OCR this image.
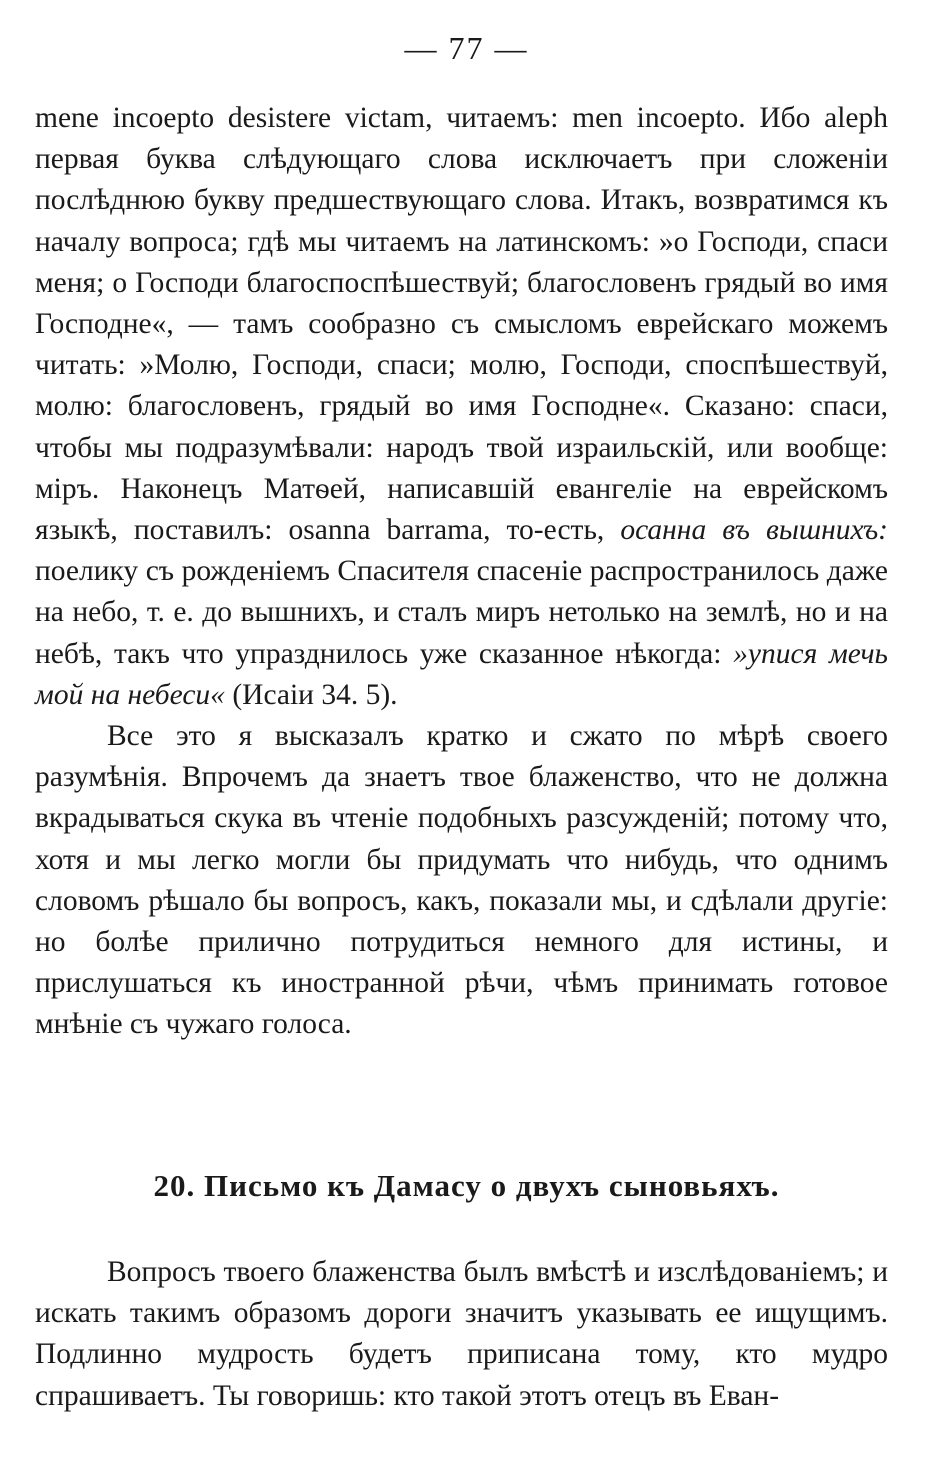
— 77 —

mene incoepto desistere victam, читаемъ: men incoepto. Ибо aleph первая буква слѣдующаго слова исключаетъ при сложеніи послѣднюю букву предшествующаго слова. Итакъ, возвратимся къ началу вопроса; гдѣ мы читаемъ на латинскомъ: »о Господи, спаси меня; о Господи благоспоспѣшествуй; благословенъ грядый во имя Господне«, — тамъ сообразно съ смысломъ еврейскаго можемъ читать: »Молю, Господи, спаси; молю, Господи, споспѣшествуй, молю: благословенъ, грядый во имя Господне«. Сказано: спаси, чтобы мы подразумѣвали: народъ твой израильскій, или вообще: міръ. Наконецъ Матѳей, написавшій евангеліе на еврейскомъ языкѣ, поставилъ: osanna barrama, то-есть, осанна въ вышнихъ: поелику съ рожденіемъ Спасителя спасеніе распространилось даже на небо, т. е. до вышнихъ, и сталъ миръ нетолько на землѣ, но и на небѣ, такъ что упразднилось уже сказанное нѣкогда: »упися мечь мой на небеси« (Исаіи 34. 5).

Все это я высказалъ кратко и сжато по мѣрѣ своего разумѣнія. Впрочемъ да знаетъ твое блаженство, что не должна вкрадываться скука въ чтеніе подобныхъ разсужденій; потому что, хотя и мы легко могли бы придумать что нибудь, что однимъ словомъ рѣшало бы вопросъ, какъ, показали мы, и сдѣлали другіе: но болѣе прилично потрудиться немного для истины, и прислушаться къ иностранной рѣчи, чѣмъ принимать готовое мнѣніе съ чужаго голоса.

20. Письмо къ Дамасу о двухъ сыновьяхъ.

Вопросъ твоего блаженства былъ вмѣстѣ и изслѣдованіемъ; и искать такимъ образомъ дороги значитъ указывать ее ищущимъ. Подлинно мудрость будетъ приписана тому, кто мудро спрашиваетъ. Ты говоришь: кто такой этотъ отецъ въ Еван-
